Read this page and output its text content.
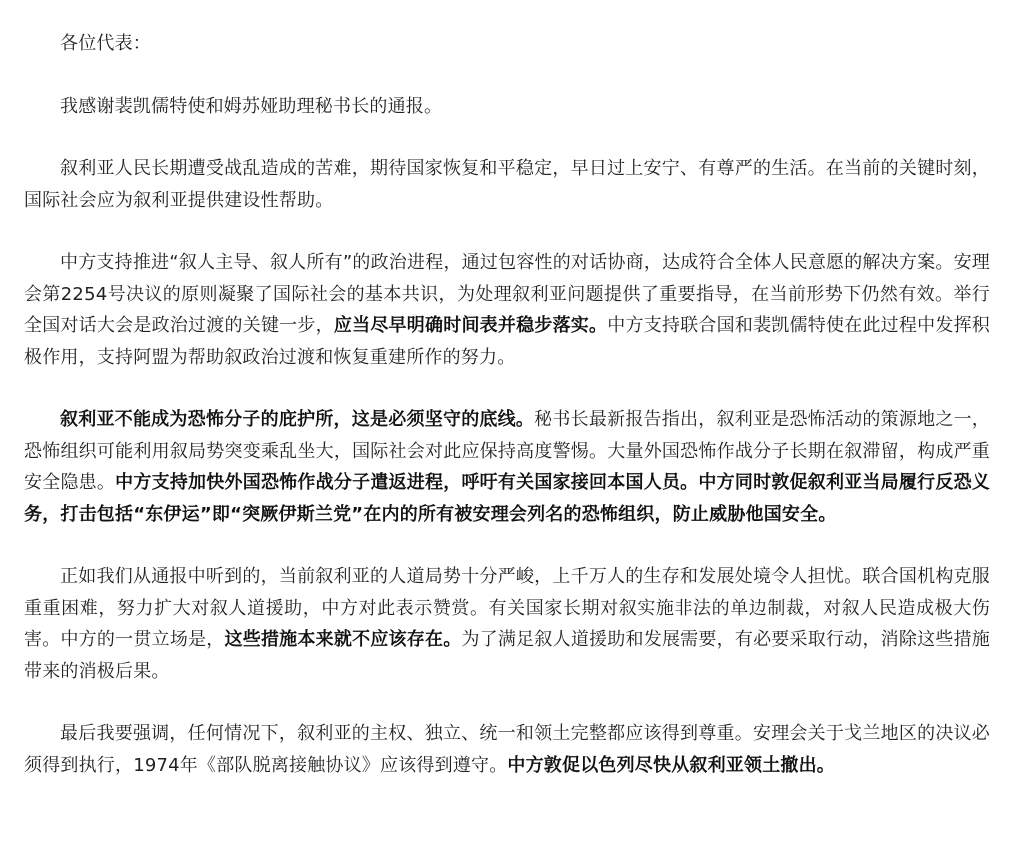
各位代表：

我感谢裴凯儒特使和姆苏娅助理秘书长的通报。

叙利亚人民长期遭受战乱造成的苦难，期待国家恢复和平稳定，早日过上安宁、有尊严的生活。在当前的关键时刻，国际社会应为叙利亚提供建设性帮助。

中方支持推进“叙人主导、叙人所有”的政治进程，通过包容性的对话协商，达成符合全体人民意愿的解决方案。安理会第2254号决议的原则凝聚了国际社会的基本共识，为处理叙利亚问题提供了重要指导，在当前形势下仍然有效。举行全国对话大会是政治过渡的关键一步，应当尽早明确时间表并稳步落实。中方支持联合国和裴凯儒特使在此过程中发挥积极作用，支持阿盟为帮助叙政治过渡和恢复重建所作的努力。

叙利亚不能成为恐怖分子的庇护所，这是必须坚守的底线。秘书长最新报告指出，叙利亚是恐怖活动的策源地之一，恐怖组织可能利用叙局势突变乘乱坐大，国际社会对此应保持高度警惕。大量外国恐怖作战分子长期在叙滞留，构成严重安全隐患。中方支持加快外国恐怖作战分子遣返进程，呼吁有关国家接回本国人员。中方同时敦促叙利亚当局履行反恐义务，打击包括“东伊运”即“突厥伊斯兰党”在内的所有被安理会列名的恐怖组织，防止威胁他国安全。

正如我们从通报中听到的，当前叙利亚的人道局势十分严峻，上千万人的生存和发展处境令人担忧。联合国机构克服重重困难，努力扩大对叙人道援助，中方对此表示赞赏。有关国家长期对叙实施非法的单边制裁，对叙人民造成极大伤害。中方的一贯立场是，这些措施本来就不应该存在。为了满足叙人道援助和发展需要，有必要采取行动，消除这些措施带来的消极后果。

最后我要强调，任何情况下，叙利亚的主权、独立、统一和领土完整都应该得到尊重。安理会关于戈兰地区的决议必须得到执行，1974年《部队脱离接触协议》应该得到遵守。中方敦促以色列尽快从叙利亚领土撤出。
